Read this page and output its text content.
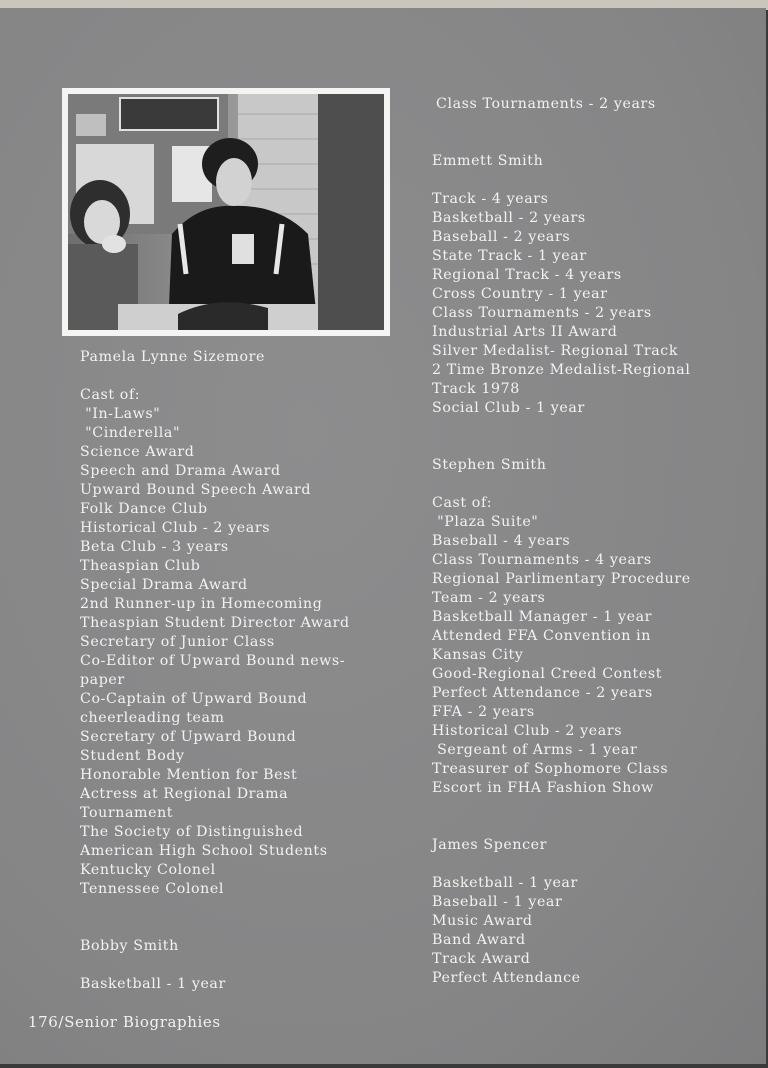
Pamela Lynne Sizemore
Cast of:
"In-Laws"
"Cinderella"
Science Award
Speech and Drama Award
Upward Bound Speech Award
Folk Dance Club
Historical Club - 2 years
Beta Club - 3 years
Theaspian Club
Special Drama Award
2nd Runner-up in Homecoming
Theaspian Student Director Award
Secretary of Junior Class
Co-Editor of Upward Bound news-
paper
Co-Captain of Upward Bound
cheerleading team
Secretary of Upward Bound
Student Body
Honorable Mention for Best
Actress at Regional Drama
Tournament
The Society of Distinguished
American High School Students
Kentucky Colonel
Tennessee Colonel
Bobby Smith
Basketball - 1 year
Class Tournaments - 2 years
Emmett Smith
Track - 4 years
Basketball - 2 years
Baseball - 2 years
State Track - 1 year
Regional Track - 4 years
Cross Country - 1 year
Class Tournaments - 2 years
Industrial Arts II Award
Silver Medalist- Regional Track
2 Time Bronze Medalist-Regional
Track 1978
Social Club - 1 year
Stephen Smith
Cast of:
"Plaza Suite"
Baseball - 4 years
Class Tournaments - 4 years
Regional Parlimentary Procedure
Team - 2 years
Basketball Manager - 1 year
Attended FFA Convention in
Kansas City
Good-Regional Creed Contest
Perfect Attendance - 2 years
FFA - 2 years
Historical Club - 2 years
Sergeant of Arms - 1 year
Treasurer of Sophomore Class
Escort in FHA Fashion Show
James Spencer
Basketball - 1 year
Baseball - 1 year
Music Award
Band Award
Track Award
Perfect Attendance
176/Senior Biographies
